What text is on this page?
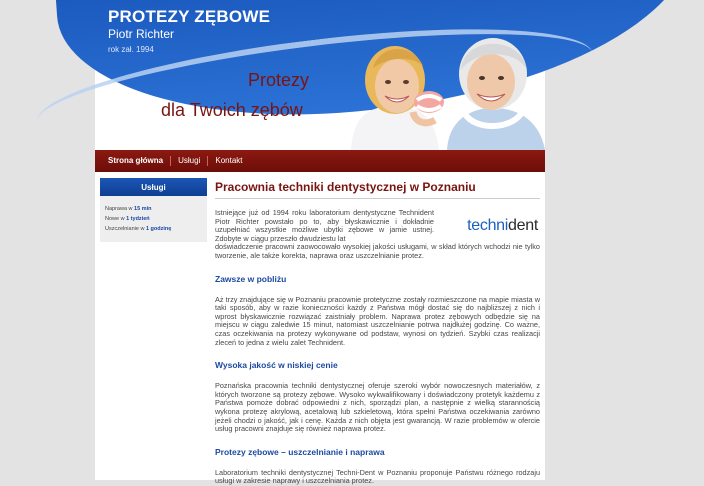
PROTEZY ZĘBOWE
Piotr Richter
rok zał. 1994
Protezy
dla Twoich zębów
Strona główna	Usługi	Kontakt
Usługi
Naprawa w 15 min
Nowe w 1 tydzień
Uszczelnianie w 1 godzinę
Pracownia techniki dentystycznej w Poznaniu
technident

Istniejące już od 1994 roku laboratorium dentystyczne Technident Piotr Richter powstało po to, aby błyskawicznie i dokładnie uzupełniać wszystkie możliwe ubytki zębowe w jamie ustnej. Zdobyte w ciągu przeszło dwudziestu lat
doświadczenie pracowni zaowocowało wysokiej jakości usługami, w skład których wchodzi nie tylko tworzenie, ale także korekta, naprawa oraz uszczelnianie protez.

Zawsze w pobliżu

Aż trzy znajdujące się w Poznaniu pracownie protetyczne zostały rozmieszczone na mapie miasta w taki sposób, aby w razie konieczności każdy z Państwa mógł dostać się do najbliższej z nich i wprost błyskawicznie rozwiązać zaistniały problem. Naprawa protez zębowych odbędzie się na miejscu w ciągu zaledwie 15 minut, natomiast uszczelnianie potrwa najdłużej godzinę. Co ważne, czas oczekiwania na protezy wykonywane od podstaw, wynosi on tydzień. Szybki czas realizacji zleceń to jedna z wielu zalet Technident.

Wysoka jakość w niskiej cenie

Poznańska pracownia techniki dentystycznej oferuje szeroki wybór nowoczesnych materiałów, z których tworzone są protezy zębowe. Wysoko wykwalifikowany i doświadczony protetyk każdemu z Państwa pomoże dobrać odpowiedni z nich, sporządzi plan, a następnie z wielką starannością wykona protezę akrylową, acetalową lub szkieletową, która spełni Państwa oczekiwania zarówno jeżeli chodzi o jakość, jak i cenę. Każda z nich objęta jest gwarancją. W razie problemów w ofercie usług pracowni znajduje się również naprawa protez.

Protezy zębowe – uszczelnianie i naprawa

Laboratorium techniki dentystycznej Techni-Dent w Poznaniu proponuje Państwu różnego rodzaju usługi w zakresie naprawy i uszczelniania protez.
